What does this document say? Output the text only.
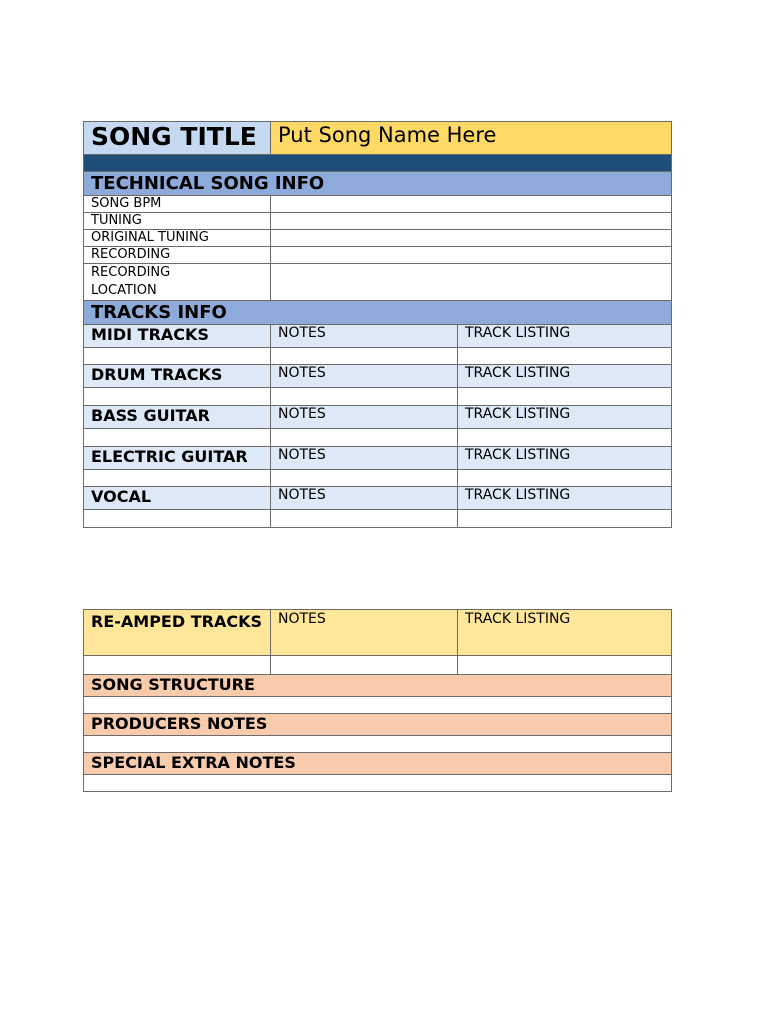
SONG TITLE	Put Song Name Here	

TECHNICAL SONG INFO		
SONG BPM		
TUNING		
ORIGINAL TUNING		
RECORDING		
RECORDING LOCATION		
TRACKS INFO		
MIDI TRACKS	NOTES	TRACK LISTING

DRUM TRACKS	NOTES	TRACK LISTING

BASS GUITAR	NOTES	TRACK LISTING

ELECTRIC GUITAR	NOTES	TRACK LISTING

VOCAL	NOTES	TRACK LISTING

RE-AMPED TRACKS	NOTES	TRACK LISTING

SONG STRUCTURE		

PRODUCERS NOTES		

SPECIAL EXTRA NOTES		
